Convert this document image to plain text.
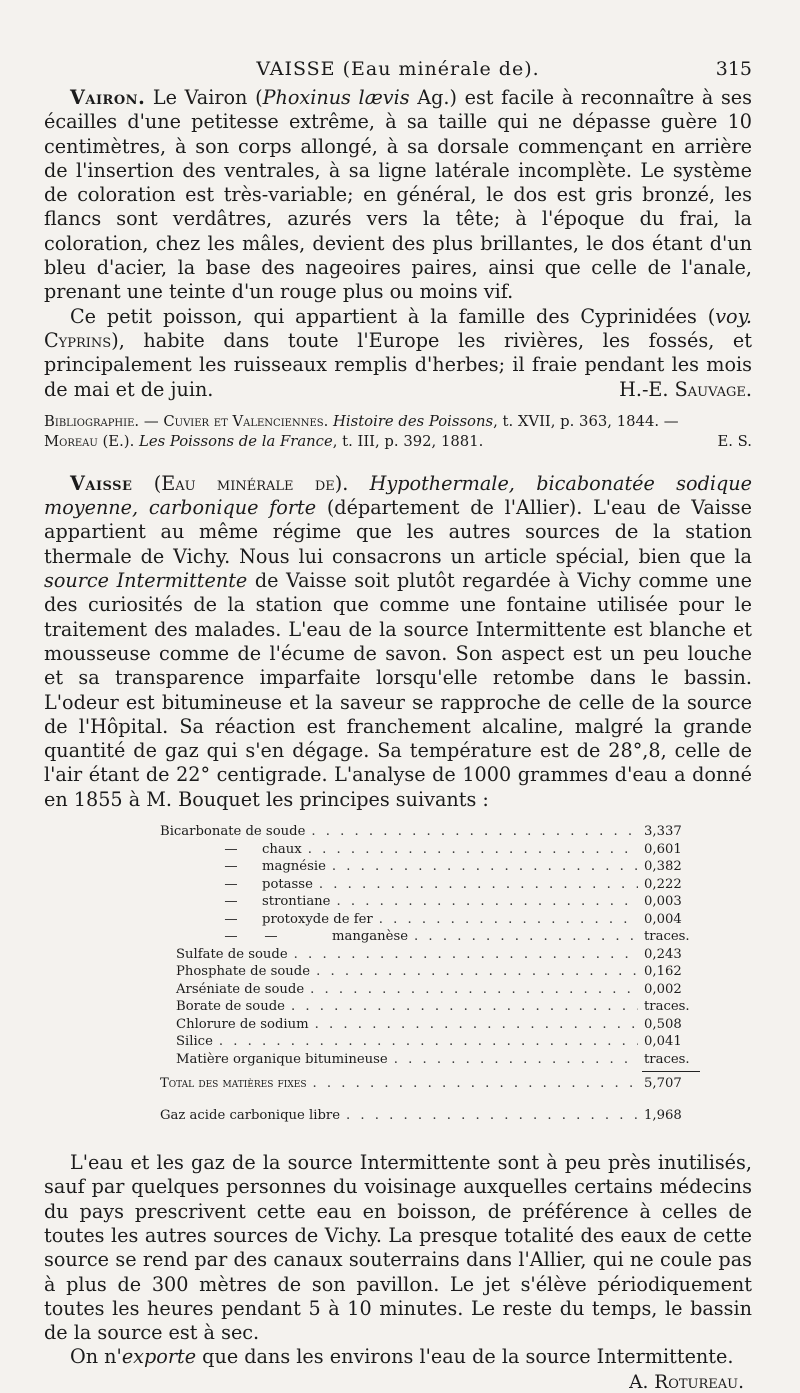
VAISSE (Eau minérale de).	315

Vairon. Le Vairon (Phoxinus lævis Ag.) est facile à reconnaître à ses écailles d'une petitesse extrême, à sa taille qui ne dépasse guère 10 centimètres, à son corps allongé, à sa dorsale commençant en arrière de l'insertion des ventrales, à sa ligne latérale incomplète. Le système de coloration est très-variable; en général, le dos est gris bronzé, les flancs sont verdâtres, azurés vers la tête; à l'époque du frai, la coloration, chez les mâles, devient des plus brillantes, le dos étant d'un bleu d'acier, la base des nageoires paires, ainsi que celle de l'anale, prenant une teinte d'un rouge plus ou moins vif.

Ce petit poisson, qui appartient à la famille des Cyprinidées (voy. Cyprins), habite dans toute l'Europe les rivières, les fossés, et principalement les ruisseaux remplis d'herbes; il fraie pendant les mois de mai et de juin.	H.-E. Sauvage.

Bibliographie. — Cuvier et Valenciennes. Histoire des Poissons, t. XVII, p. 363, 1844. —
Moreau (E.). Les Poissons de la France, t. III, p. 392, 1881.	E. S.

Vaisse (Eau minérale de). Hypothermale, bicabonatée sodique moyenne, carbonique forte (département de l'Allier). L'eau de Vaisse appartient au même régime que les autres sources de la station thermale de Vichy. Nous lui consacrons un article spécial, bien que la source Intermittente de Vaisse soit plutôt regardée à Vichy comme une des curiosités de la station que comme une fontaine utilisée pour le traitement des malades. L'eau de la source Intermittente est blanche et mousseuse comme de l'écume de savon. Son aspect est un peu louche et sa transparence imparfaite lorsqu'elle retombe dans le bassin. L'odeur est bitumineuse et la saveur se rapproche de celle de la source de l'Hôpital. Sa réaction est franchement alcaline, malgré la grande quantité de gaz qui s'en dégage. Sa température est de 28°,8, celle de l'air étant de 22° centigrade. L'analyse de 1000 grammes d'eau a donné en 1855 à M. Bouquet les principes suivants :

Bicarbonate de soude . . .	3,337
— chaux . . .	0,601
— magnésie . . .	0,382
— potasse . . .	0,222
— strontiane . . .	0,003
— protoxyde de fer . . .	0,004
— —	manganèse . . .	traces.
Sulfate de soude . . .	0,243
Phosphate de soude . . .	0,162
Arséniate de soude . . .	0,002
Borate de soude . . .	traces.
Chlorure de sodium . . .	0,508
Silice . . .	0,041
Matière organique bitumineuse . . .	traces.
Total des matières fixes . . .	5,707
Gaz acide carbonique libre . . .	1,968

L'eau et les gaz de la source Intermittente sont à peu près inutilisés, sauf par quelques personnes du voisinage auxquelles certains médecins du pays prescrivent cette eau en boisson, de préférence à celles de toutes les autres sources de Vichy. La presque totalité des eaux de cette source se rend par des canaux souterrains dans l'Allier, qui ne coule pas à plus de 300 mètres de son pavillon. Le jet s'élève périodiquement toutes les heures pendant 5 à 10 minutes. Le reste du temps, le bassin de la source est à sec.

On n'exporte que dans les environs l'eau de la source Intermittente.

A. Rotureau.
